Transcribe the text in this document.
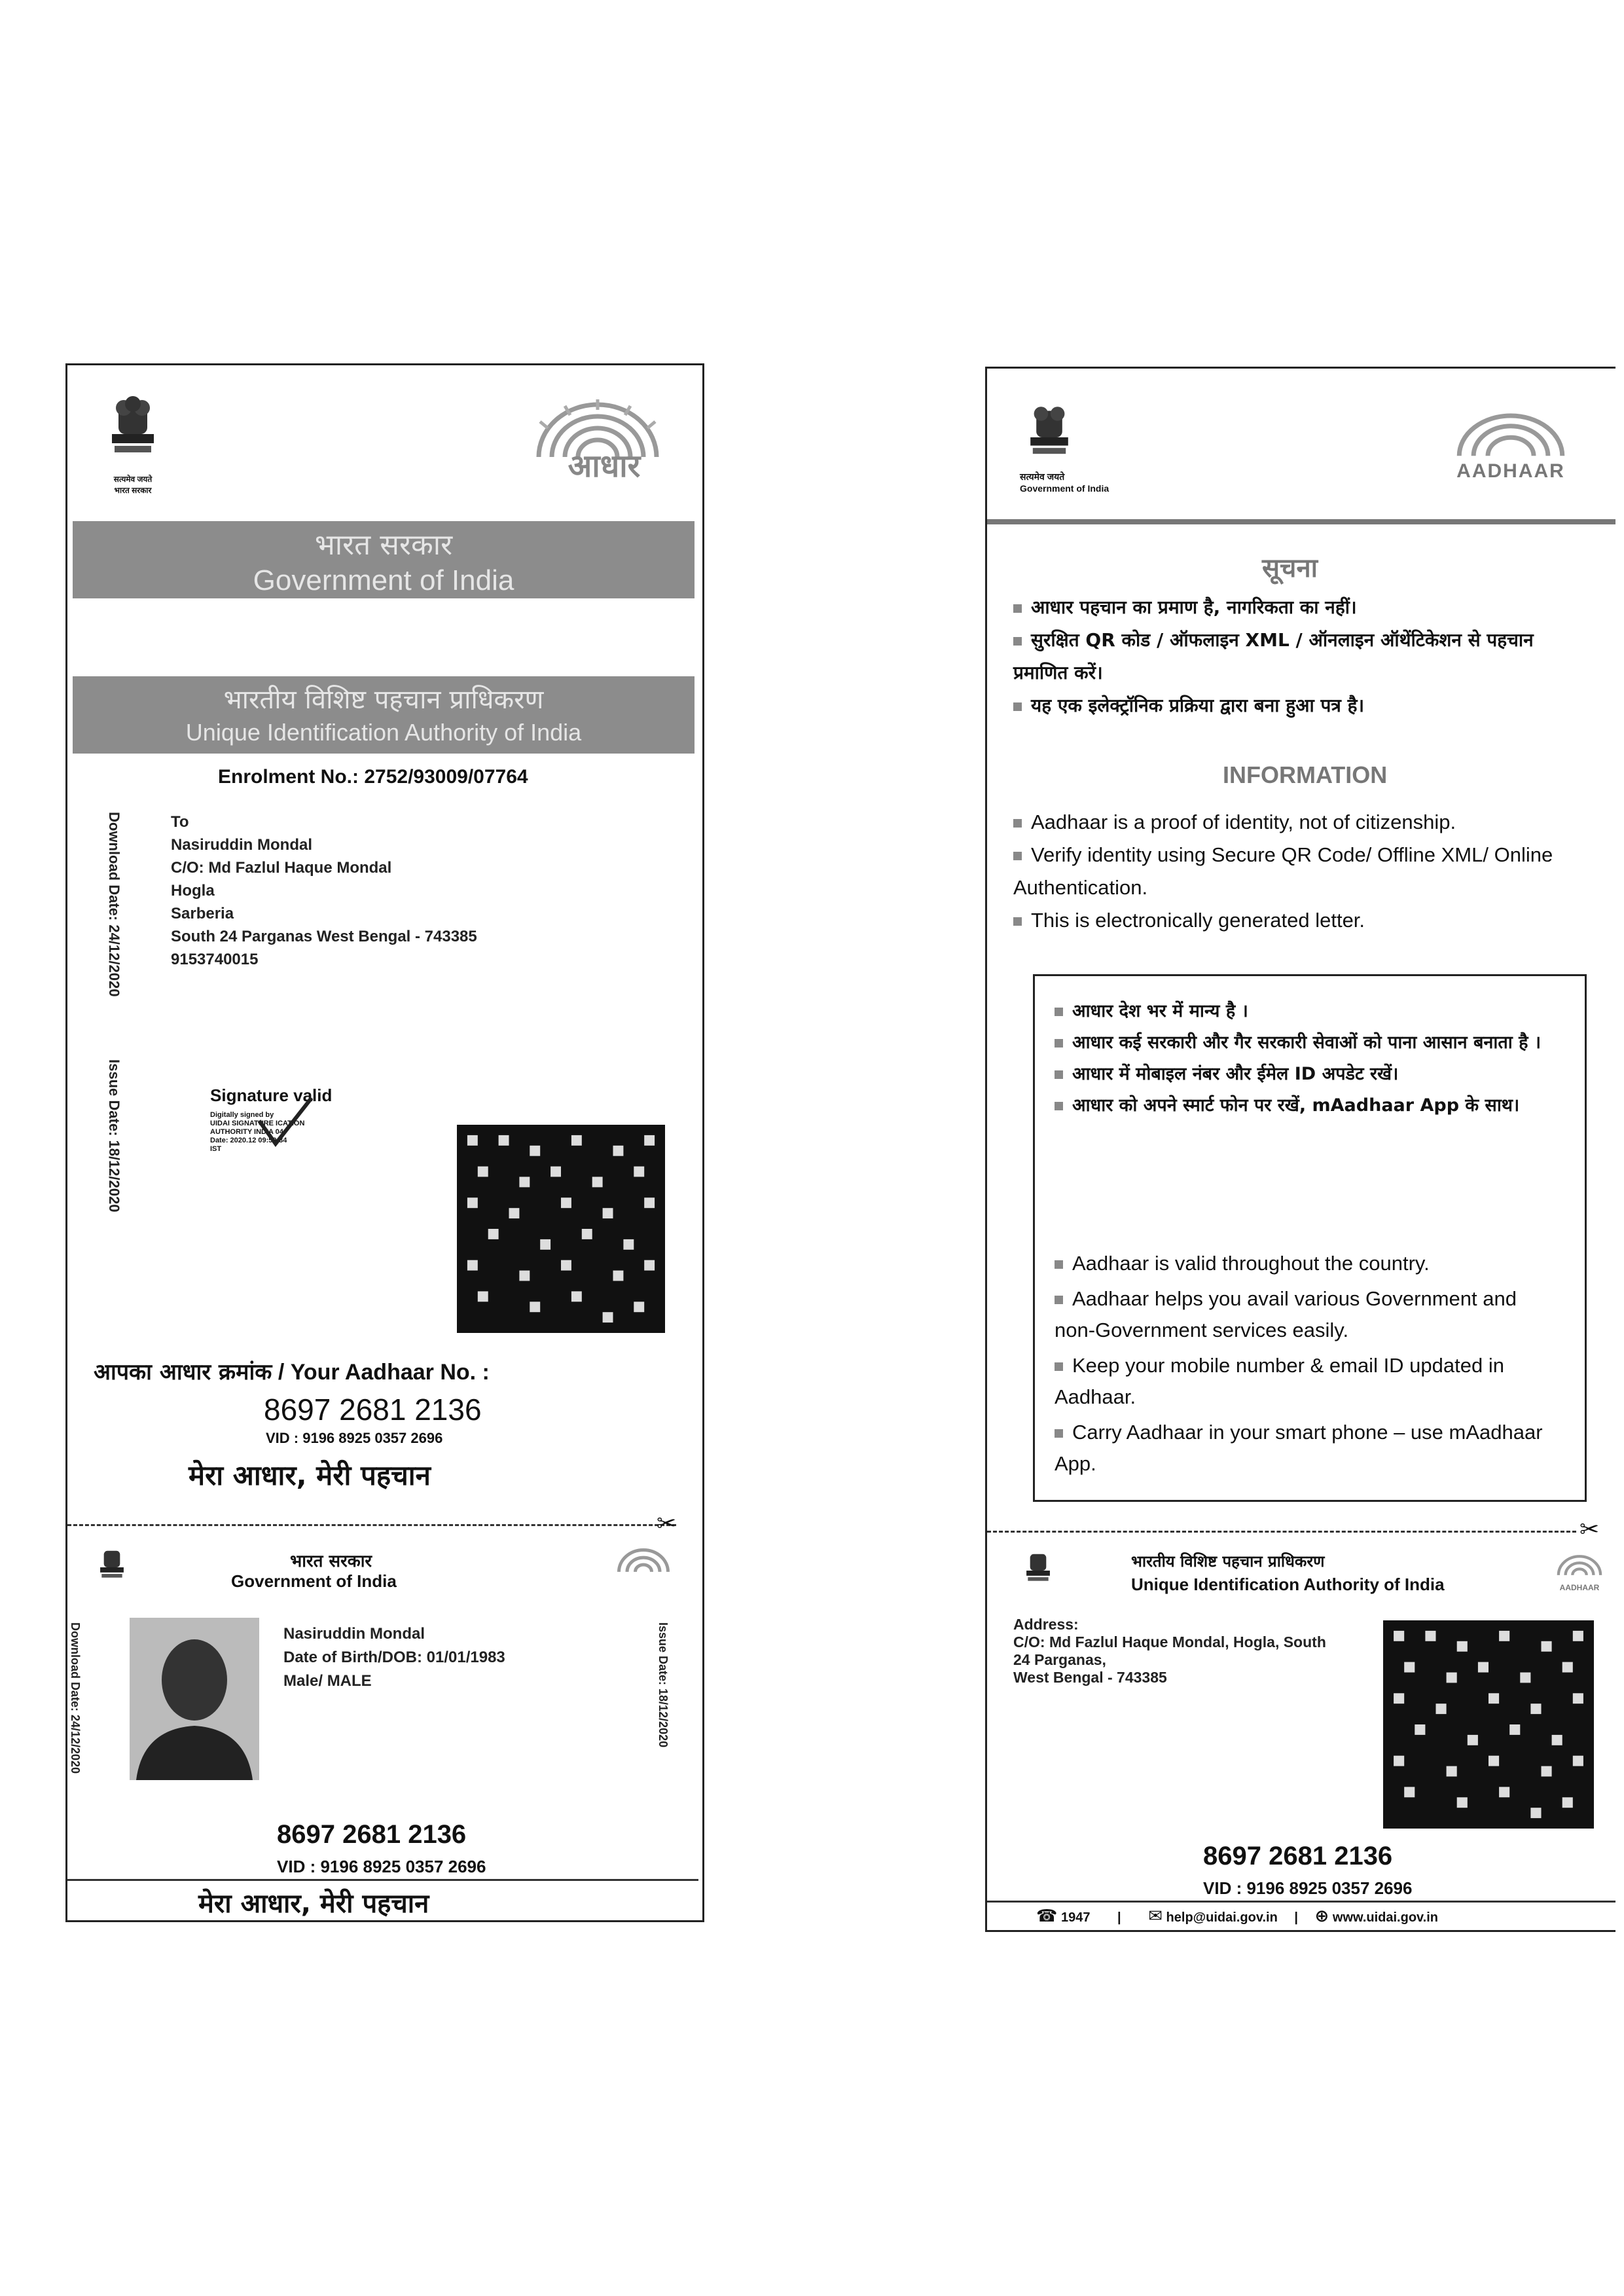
सत्यमेव जयते
भारत सरकार
आधार
भारत सरकार
Government of India
भारतीय विशिष्ट पहचान प्राधिकरण
Unique Identification Authority of India
Enrolment No.: 2752/93009/07764
Download Date: 24/12/2020
Issue Date: 18/12/2020
To
Nasiruddin Mondal
C/O: Md Fazlul Haque Mondal
Hogla
Sarberia
South 24 Parganas West Bengal - 743385
9153740015
Signature valid
Digitally signed by
UIDAI SIGNATURE ICATION
AUTHORITY INDIA 04
Date: 2020.12 09:59:34
IST
आपका आधार क्रमांक / Your Aadhaar No. :
8697 2681 2136
VID : 9196 8925 0357 2696
मेरा आधार, मेरी पहचान
✂
भारत सरकार
Government of India
Download Date: 24/12/2020	Issue Date: 18/12/2020
Nasiruddin Mondal
Date of Birth/DOB: 01/01/1983
Male/ MALE
8697 2681 2136
VID : 9196 8925 0357 2696
मेरा आधार, मेरी पहचान
सत्यमेव जयते
Government of India
AADHAAR
सूचना
आधार पहचान का प्रमाण है, नागरिकता का नहीं।
सुरक्षित QR कोड / ऑफलाइन XML / ऑनलाइन ऑथेंटिकेशन से पहचान प्रमाणित करें।
यह एक इलेक्ट्रॉनिक प्रक्रिया द्वारा बना हुआ पत्र है।
INFORMATION
Aadhaar is a proof of identity, not of citizenship.
Verify identity using Secure QR Code/ Offline XML/ Online Authentication.
This is electronically generated letter.
आधार देश भर में मान्य है ।
आधार कई सरकारी और गैर सरकारी सेवाओं को पाना आसान बनाता है ।
आधार में मोबाइल नंबर और ईमेल ID अपडेट रखें।
आधार को अपने स्मार्ट फोन पर रखें, mAadhaar App के साथ।
Aadhaar is valid throughout the country.
Aadhaar helps you avail various Government and non-Government services easily.
Keep your mobile number & email ID updated in Aadhaar.
Carry Aadhaar in your smart phone – use mAadhaar App.
✂
भारतीय विशिष्ट पहचान प्राधिकरण
Unique Identification Authority of India	AADHAAR
Address:
C/O: Md Fazlul Haque Mondal, Hogla, South
24 Parganas,
West Bengal - 743385
8697 2681 2136
VID : 9196 8925 0357 2696
☎ 1947 | ✉ help@uidai.gov.in | ⊕ www.uidai.gov.in
